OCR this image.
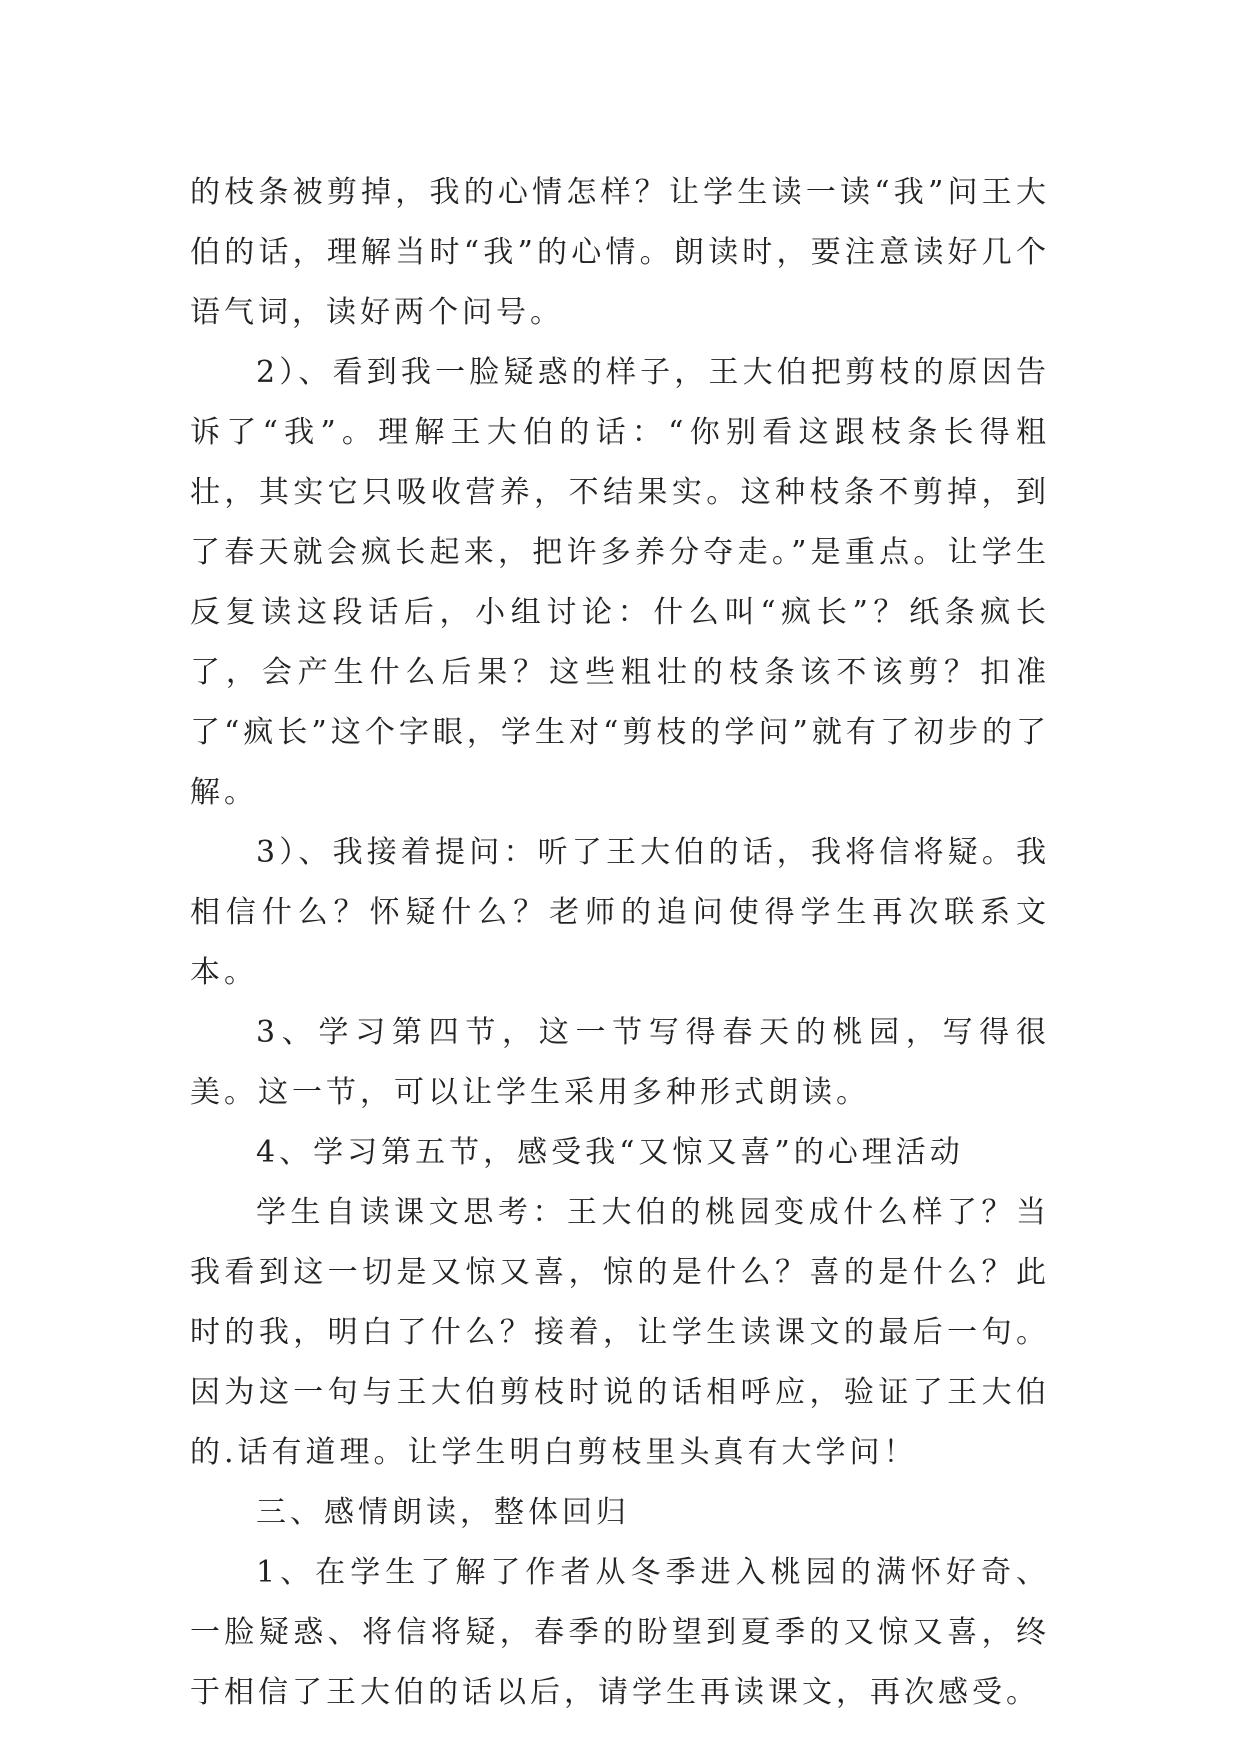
的枝条被剪掉，我的心情怎样？让学生读一读“我”问王大伯的话，理解当时“我”的心情。朗读时，要注意读好几个语气词，读好两个问号。

2）、看到我一脸疑惑的样子，王大伯把剪枝的原因告诉了“我”。理解王大伯的话：“你别看这跟枝条长得粗壮，其实它只吸收营养，不结果实。这种枝条不剪掉，到了春天就会疯长起来，把许多养分夺走。”是重点。让学生反复读这段话后，小组讨论：什么叫“疯长”？纸条疯长了，会产生什么后果？这些粗壮的枝条该不该剪？扣准了“疯长”这个字眼，学生对“剪枝的学问”就有了初步的了解。

3）、我接着提问：听了王大伯的话，我将信将疑。我相信什么？怀疑什么？老师的追问使得学生再次联系文本。

3、学习第四节，这一节写得春天的桃园，写得很美。这一节，可以让学生采用多种形式朗读。

4、学习第五节，感受我“又惊又喜”的心理活动

学生自读课文思考：王大伯的桃园变成什么样了？当我看到这一切是又惊又喜，惊的是什么？喜的是什么？此时的我，明白了什么？接着，让学生读课文的最后一句。因为这一句与王大伯剪枝时说的话相呼应，验证了王大伯的.话有道理。让学生明白剪枝里头真有大学问！

三、感情朗读，整体回归

1、在学生了解了作者从冬季进入桃园的满怀好奇、一脸疑惑、将信将疑，春季的盼望到夏季的又惊又喜，终于相信了王大伯的话以后，请学生再读课文，再次感受。
